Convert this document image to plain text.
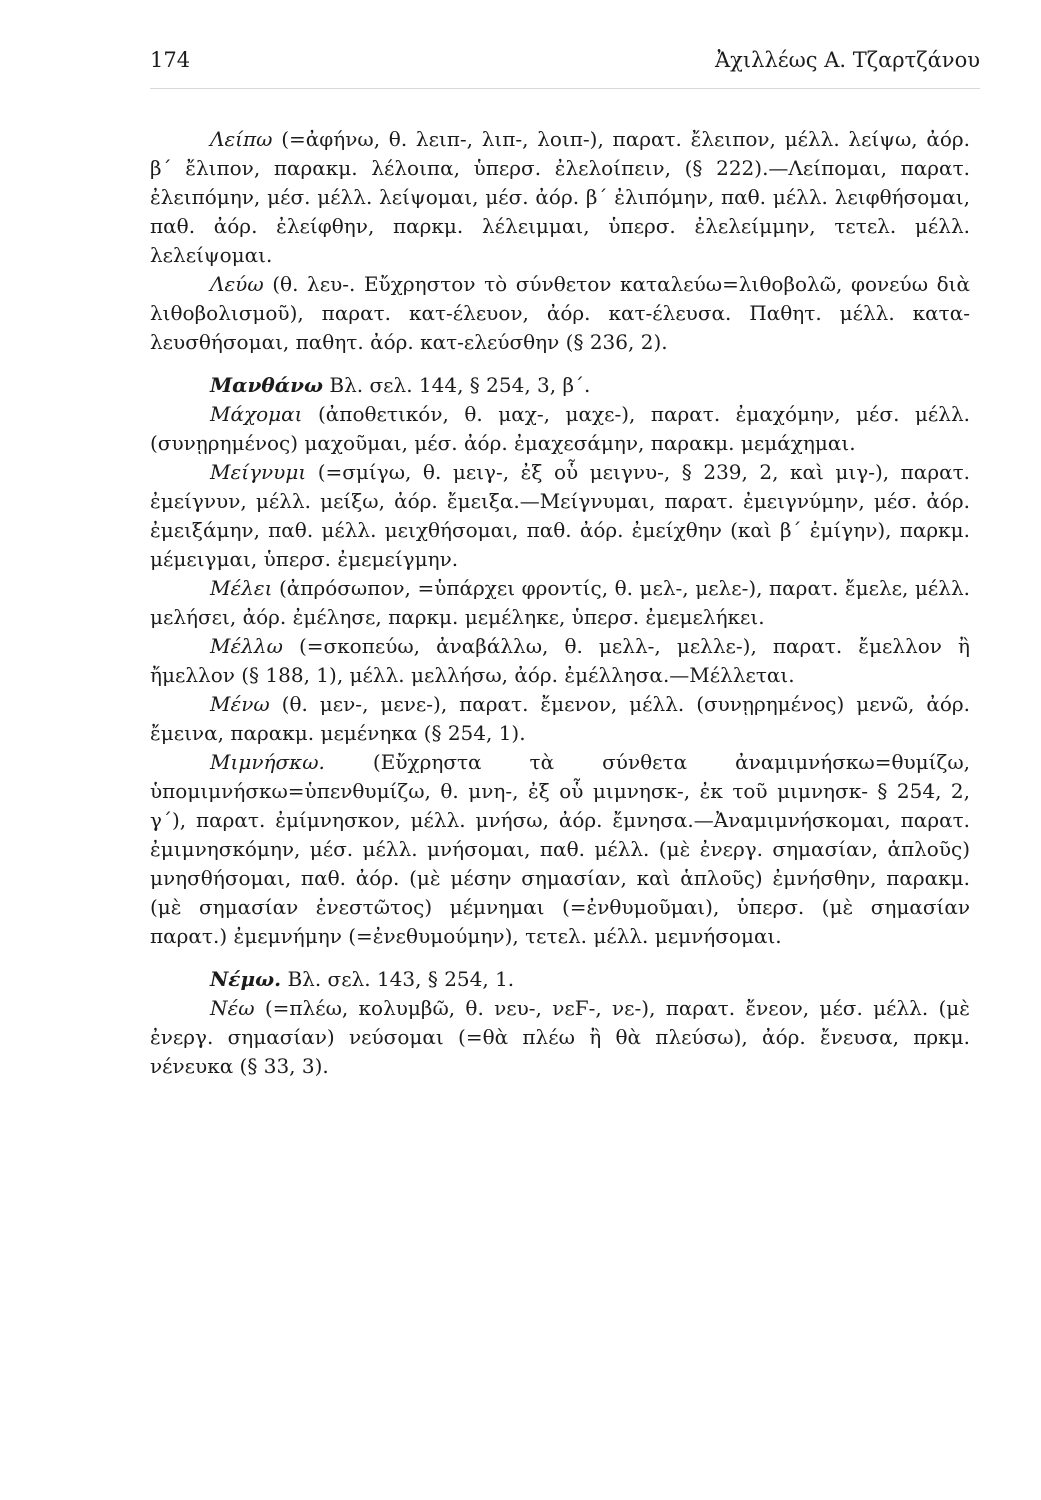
174	Ἀχιλλέως Α. Τζαρτζάνου

Λείπω (=ἀφήνω, θ. λειπ-, λιπ-, λοιπ-), παρατ. ἔλειπον, μέλλ. λείψω, ἀόρ. β΄ ἔλιπον, παρακμ. λέλοιπα, ὑπερσ. ἐλελοίπειν, (§ 222).—Λείπομαι, παρατ. ἐλειπόμην, μέσ. μέλλ. λείψομαι, μέσ. ἀόρ. β΄ ἐλιπόμην, παθ. μέλλ. λειφθήσομαι, παθ. ἀόρ. ἐλείφθην, παρκμ. λέλειμμαι, ὑπερσ. ἐλελείμμην, τετελ. μέλλ. λελείψομαι.

Λεύω (θ. λευ-. Εὔχρηστον τὸ σύνθετον καταλεύω=λιθοβολῶ, φονεύω διὰ λιθοβολισμοῦ), παρατ. κατ-έλευον, ἀόρ. κατ-έλευσα. Παθητ. μέλλ. κατα-λευσθήσομαι, παθητ. ἀόρ. κατ-ελεύσθην (§ 236, 2).

Μανθάνω Βλ. σελ. 144, § 254, 3, β΄.

Μάχομαι (ἀποθετικόν, θ. μαχ-, μαχε-), παρατ. ἐμαχόμην, μέσ. μέλλ. (συνῃρημένος) μαχοῦμαι, μέσ. ἀόρ. ἐμαχεσάμην, παρακμ. μεμάχημαι.

Μείγνυμι (=σμίγω, θ. μειγ-, ἐξ οὗ μειγνυ-, § 239, 2, καὶ μιγ-), παρατ. ἐμείγνυν, μέλλ. μείξω, ἀόρ. ἔμειξα.—Μείγνυμαι, παρατ. ἐμειγνύμην, μέσ. ἀόρ. ἐμειξάμην, παθ. μέλλ. μειχθήσομαι, παθ. ἀόρ. ἐμείχθην (καὶ β΄ ἐμίγην), παρκμ. μέμειγμαι, ὑπερσ. ἐμεμείγμην.

Μέλει (ἀπρόσωπον, =ὑπάρχει φροντίς, θ. μελ-, μελε-), παρατ. ἔμελε, μέλλ. μελήσει, ἀόρ. ἐμέλησε, παρκμ. μεμέληκε, ὑπερσ. ἐμεμελήκει.

Μέλλω (=σκοπεύω, ἀναβάλλω, θ. μελλ-, μελλε-), παρατ. ἔμελλον ἢ ἤμελλον (§ 188, 1), μέλλ. μελλήσω, ἀόρ. ἐμέλλησα.—Μέλλεται.

Μένω (θ. μεν-, μενε-), παρατ. ἔμενον, μέλλ. (συνῃρημένος) μενῶ, ἀόρ. ἔμεινα, παρακμ. μεμένηκα (§ 254, 1).

Μιμνήσκω. (Εὔχρηστα τὰ σύνθετα ἀναμιμνήσκω=θυμίζω, ὑπομιμνήσκω=ὑπενθυμίζω, θ. μνη-, ἐξ οὗ μιμνησκ-, ἐκ τοῦ μιμνησκ- § 254, 2, γ΄), παρατ. ἐμίμνησκον, μέλλ. μνήσω, ἀόρ. ἔμνησα.—Ἀναμιμνήσκομαι, παρατ. ἐμιμνησκόμην, μέσ. μέλλ. μνήσομαι, παθ. μέλλ. (μὲ ἐνεργ. σημασίαν, ἁπλοῦς) μνησθήσομαι, παθ. ἀόρ. (μὲ μέσην σημασίαν, καὶ ἁπλοῦς) ἐμνήσθην, παρακμ. (μὲ σημασίαν ἐνεστῶτος) μέμνημαι (=ἐνθυμοῦμαι), ὑπερσ. (μὲ σημασίαν παρατ.) ἐμεμνήμην (=ἐνεθυμούμην), τετελ. μέλλ. μεμνήσομαι.

Νέμω. Βλ. σελ. 143, § 254, 1.

Νέω (=πλέω, κολυμβῶ, θ. νευ-, νεϜ-, νε-), παρατ. ἔνεον, μέσ. μέλλ. (μὲ ἐνεργ. σημασίαν) νεύσομαι (=θὰ πλέω ἢ θὰ πλεύσω), ἀόρ. ἔνευσα, πρκμ. νένευκα (§ 33, 3).
